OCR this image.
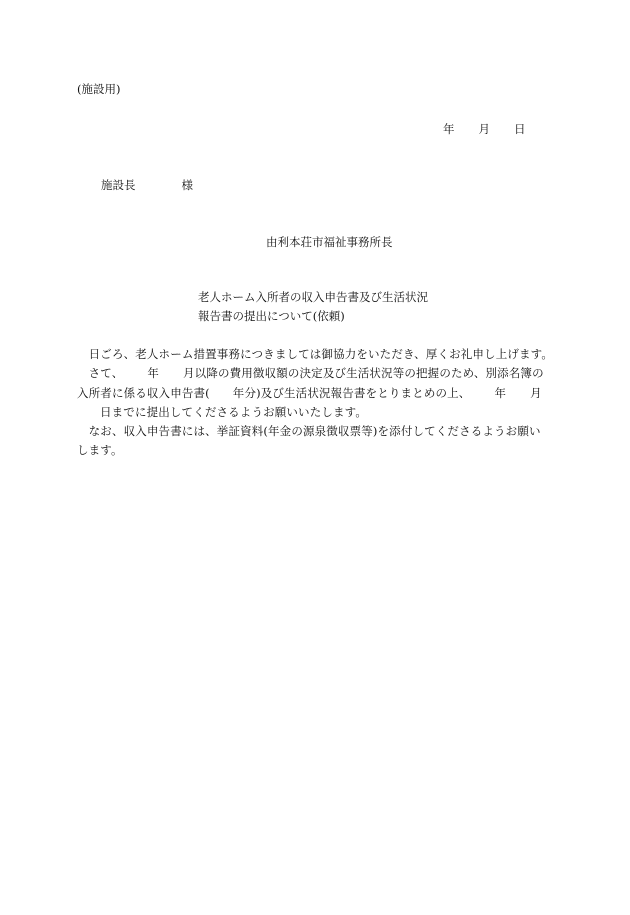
(施設用)
年 月 日
施設長	様
由利本荘市福祉事務所長
老人ホーム入所者の収入申告書及び生活状況
報告書の提出について(依頼)
　日ごろ、老人ホーム措置事務につきましては御協力をいただき、厚くお礼申し上げます。
　さて、 年 月以降の費用徴収額の決定及び生活状況等の把握のため、別添名簿の
入所者に係る収入申告書( 年分)及び生活状況報告書をとりまとめの上、 年 月
日までに提出してくださるようお願いいたします。
　なお、収入申告書には、挙証資料(年金の源泉徴収票等)を添付してくださるようお願い
します。
